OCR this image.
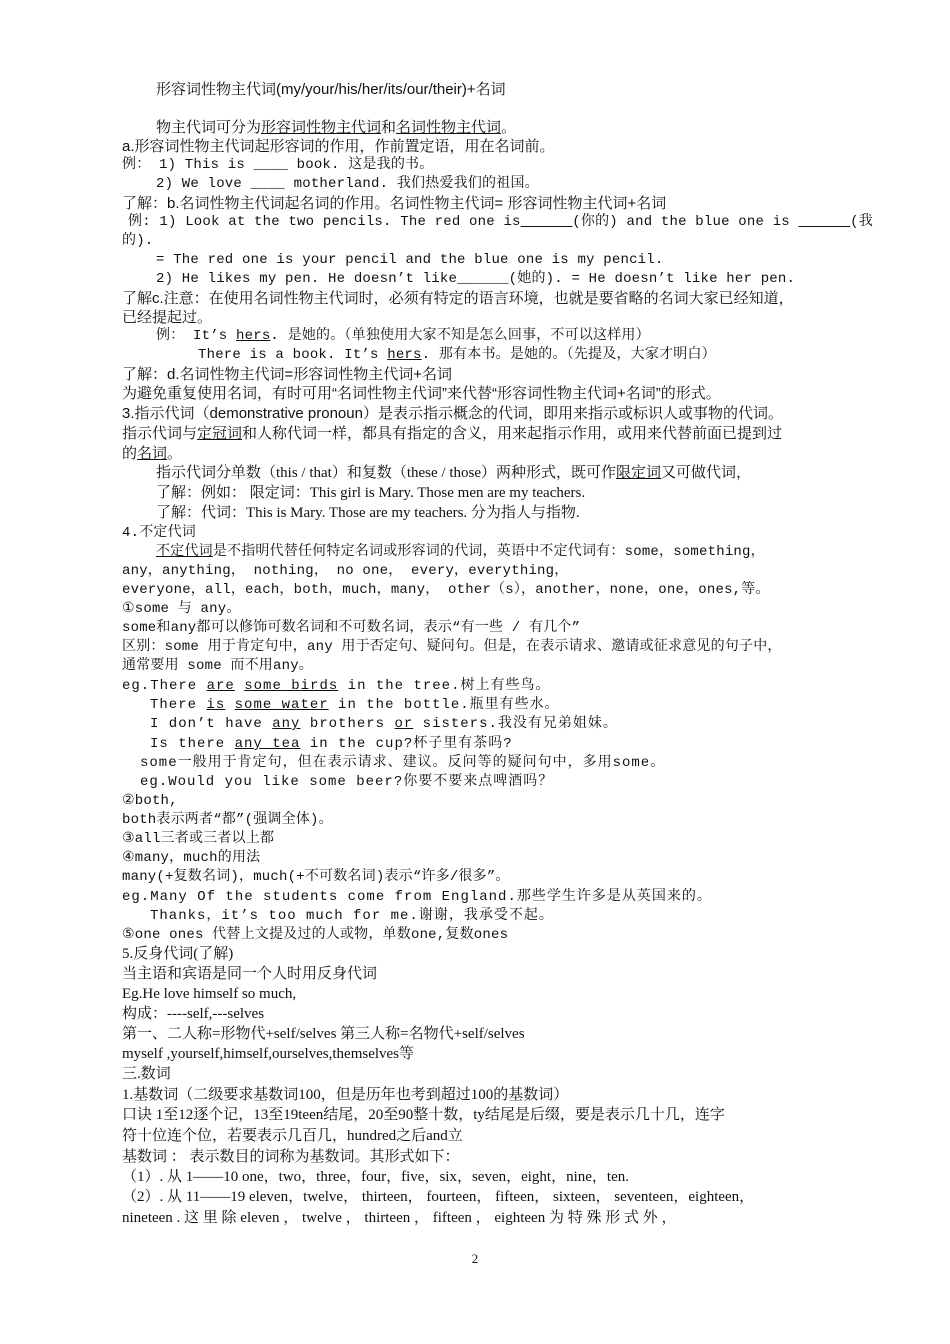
形容词性物主代词(my/your/his/her/its/our/their)+名词
物主代词可分为形容词性物主代词和名词性物主代词。
a.形容词性物主代词起形容词的作用，作前置定语，用在名词前。
例： 1) This is ____ book. 这是我的书。
2) We love ____ motherland. 我们热爱我们的祖国。
了解：b.名词性物主代词起名词的作用。名词性物主代词= 形容词性物主代词+名词
例: 1) Look at the two pencils. The red one is	(你的) and the blue one is	(我
的).
= The red one is your pencil and the blue one is my pencil.
2) He likes my pen. He doesn’t like______(她的). = He doesn’t like her pen.
了解c.注意：在使用名词性物主代词时，必须有特定的语言环境，也就是要省略的名词大家已经知道，
已经提起过。
例： It’s hers. 是她的。（单独使用大家不知是怎么回事，不可以这样用）
There is a book. It’s hers. 那有本书。是她的。（先提及，大家才明白）
了解：d.名词性物主代词=形容词性物主代词+名词
为避免重复使用名词，有时可用“名词性物主代词”来代替“形容词性物主代词+名词”的形式。
3.指示代词（demonstrative pronoun）是表示指示概念的代词，即用来指示或标识人或事物的代词。
指示代词与定冠词和人称代词一样，都具有指定的含义，用来起指示作用，或用来代替前面已提到过
的名词。
指示代词分单数（this / that）和复数（these / those）两种形式，既可作限定词又可做代词，
了解：例如： 限定词：This girl is Mary. Those men are my teachers.
了解：代词：This is Mary. Those are my teachers. 分为指人与指物.
4.不定代词
不定代词是不指明代替任何特定名词或形容词的代词，英语中不定代词有：some，something，
any，anything， nothing， no one， every，everything，
everyone，all，each，both，much，many， other（s），another，none，one，ones,等。
①some 与 any。
some和any都可以修饰可数名词和不可数名词，表示“有一些 / 有几个”
区别：some 用于肯定句中，any 用于否定句、疑问句。但是，在表示请求、邀请或征求意见的句子中，
通常要用 some 而不用any。
eg.There are some birds in the tree.树上有些鸟。
There is some water in the bottle.瓶里有些水。
I don’t have any brothers or sisters.我没有兄弟姐妹。
Is there any tea in the cup?杯子里有茶吗?
some一般用于肯定句，但在表示请求、建议。反问等的疑问句中，多用some。
eg.Would you like some beer?你要不要来点啤酒吗？
②both,
both表示两者“都”(强调全体)。
③all三者或三者以上都
④many，much的用法
many(+复数名词)，much(+不可数名词)表示“许多/很多”。
eg.Many Of the students come from England.那些学生许多是从英国来的。
Thanks，it’s too much for me.谢谢，我承受不起。
⑤one ones 代替上文提及过的人或物，单数one,复数ones
5.反身代词(了解)
当主语和宾语是同一个人时用反身代词
Eg.He love himself so much,
构成：----self,---selves
第一、二人称=形物代+self/selves 第三人称=名物代+self/selves
myself ,yourself,himself,ourselves,themselves等
三.数词
1.基数词（二级要求基数词100，但是历年也考到超过100的基数词）
口诀 1至12逐个记，13至19teen结尾，20至90整十数，ty结尾是后缀，要是表示几十几，连字
符十位连个位，若要表示几百几，hundred之后and立
基数词 ： 表示数目的词称为基数词。其形式如下：
（1）. 从 1——10 one，two，three，four，five，six，seven，eight，nine，ten.
（2）. 从 11——19 eleven，twelve， thirteen， fourteen， fifteen， sixteen， seventeen，eighteen，
nineteen . 这 里 除 eleven ， twelve ， thirteen ， fifteen ， eighteen 为 特 殊 形 式 外 ，
2
